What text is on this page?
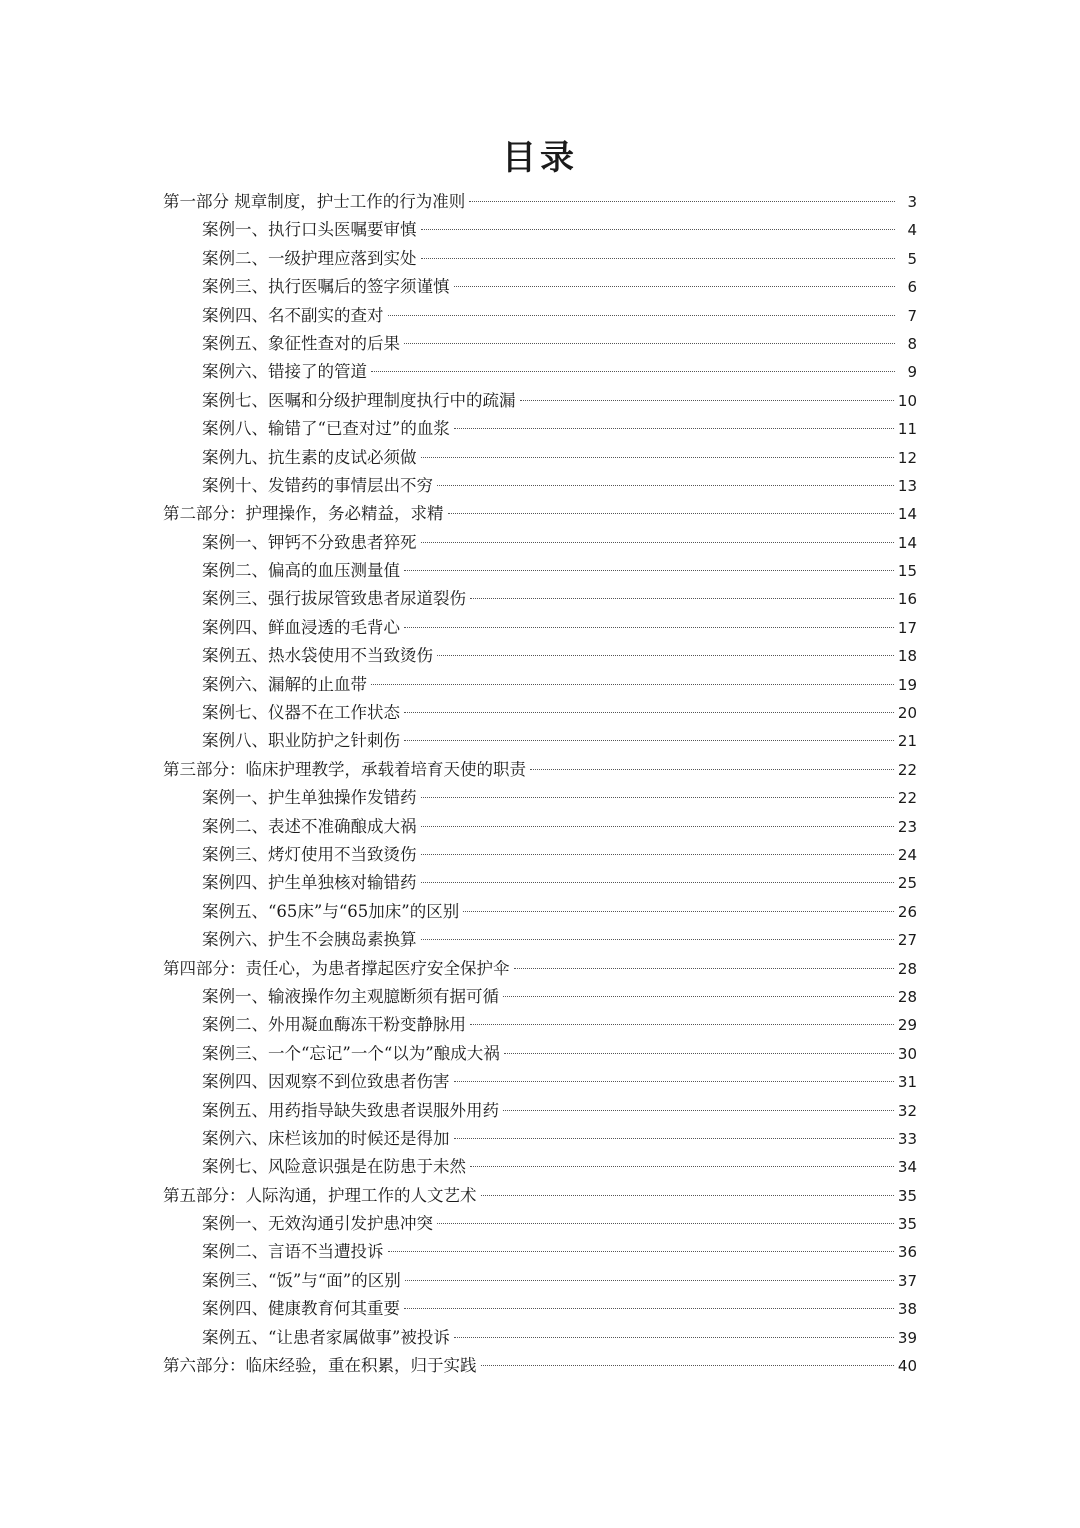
目录
第一部分 规章制度，护士工作的行为准则	3
案例一、执行口头医嘱要审慎	4
案例二、一级护理应落到实处	5
案例三、执行医嘱后的签字须谨慎	6
案例四、名不副实的查对	7
案例五、象征性查对的后果	8
案例六、错接了的管道	9
案例七、医嘱和分级护理制度执行中的疏漏	10
案例八、输错了“已查对过”的血浆	11
案例九、抗生素的皮试必须做	12
案例十、发错药的事情层出不穷	13
第二部分：护理操作，务必精益，求精	14
案例一、钾钙不分致患者猝死	14
案例二、偏高的血压测量值	15
案例三、强行拔尿管致患者尿道裂伤	16
案例四、鲜血浸透的毛背心	17
案例五、热水袋使用不当致烫伤	18
案例六、漏解的止血带	19
案例七、仪器不在工作状态	20
案例八、职业防护之针刺伤	21
第三部分：临床护理教学，承载着培育天使的职责	22
案例一、护生单独操作发错药	22
案例二、表述不准确酿成大祸	23
案例三、烤灯使用不当致烫伤	24
案例四、护生单独核对输错药	25
案例五、“65床”与“65加床”的区别	26
案例六、护生不会胰岛素换算	27
第四部分：责任心，为患者撑起医疗安全保护伞	28
案例一、输液操作勿主观臆断须有据可循	28
案例二、外用凝血酶冻干粉变静脉用	29
案例三、一个“忘记”一个“以为”酿成大祸	30
案例四、因观察不到位致患者伤害	31
案例五、用药指导缺失致患者误服外用药	32
案例六、床栏该加的时候还是得加	33
案例七、风险意识强是在防患于未然	34
第五部分：人际沟通，护理工作的人文艺术	35
案例一、无效沟通引发护患冲突	35
案例二、言语不当遭投诉	36
案例三、“饭”与“面”的区别	37
案例四、健康教育何其重要	38
案例五、“让患者家属做事”被投诉	39
第六部分：临床经验，重在积累，归于实践	40
